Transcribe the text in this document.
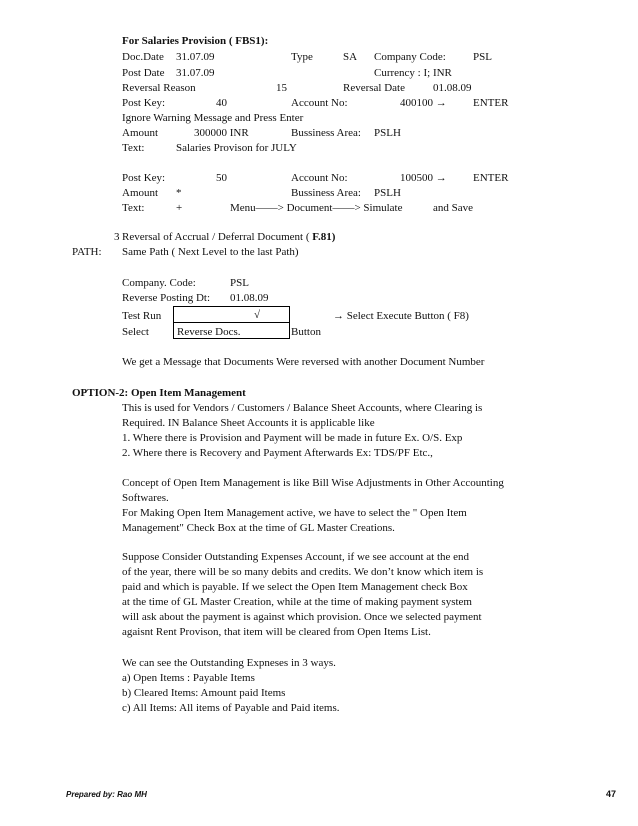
For Salaries Provision ( FBS1):
Doc.Date 31.07.09	Type	SA Company Code: PSL
Post Date 31.07.09	Currency : I; INR
Reversal Reason	15	Reversal Date	01.08.09
Post Key:	40	Account No:	400100 → ENTER
Ignore Warning Message and Press Enter
Amount	300000 INR	Bussiness Area: PSLH
Text:	Salaries Provison for JULY
Post Key:	50	Account No:	100500 → ENTER
Amount *	Bussiness Area: PSLH
Text:	+	Menu——> Document——> Simulate	and Save
3 Reversal of Accrual / Deferral Document ( F.81)
PATH: Same Path ( Next Level to the last Path)
Company. Code:	PSL
Reverse Posting Dt: 01.08.09
Test Run	√	→ Select Execute Button ( F8)
Select	Reverse Docs.	Button
We get a Message that Documents Were reversed with another Document Number
OPTION-2: Open Item Management
This is used for Vendors / Customers / Balance Sheet Accounts, where Clearing is
Required. IN Balance Sheet Accounts it is applicable like
1. Where there is Provision and Payment will be made in future Ex. O/S. Exp
2. Where there is Recovery and Payment Afterwards Ex: TDS/PF Etc.,
Concept of Open Item Management is like Bill Wise Adjustments in Other Accounting
Softwares.
For Making Open Item Management active, we have to select the " Open Item
Management" Check Box at the time of GL Master Creations.
Suppose Consider Outstanding Expenses Account, if we see account at the end
of the year, there will be so many debits and credits. We don’t know which item is
paid and which is payable. If we select the Open Item Management check Box
at the time of GL Master Creation, while at the time of making payment system
will ask about the payment is against which provision. Once we selected payment
agaisnt Rent Provison, that item will be cleared from Open Items List.
We can see the Outstanding Expneses in 3 ways.
a) Open Items : Payable Items
b) Cleared Items: Amount paid Items
c) All Items: All items of Payable and Paid items.
Prepared by: Rao MH	47
